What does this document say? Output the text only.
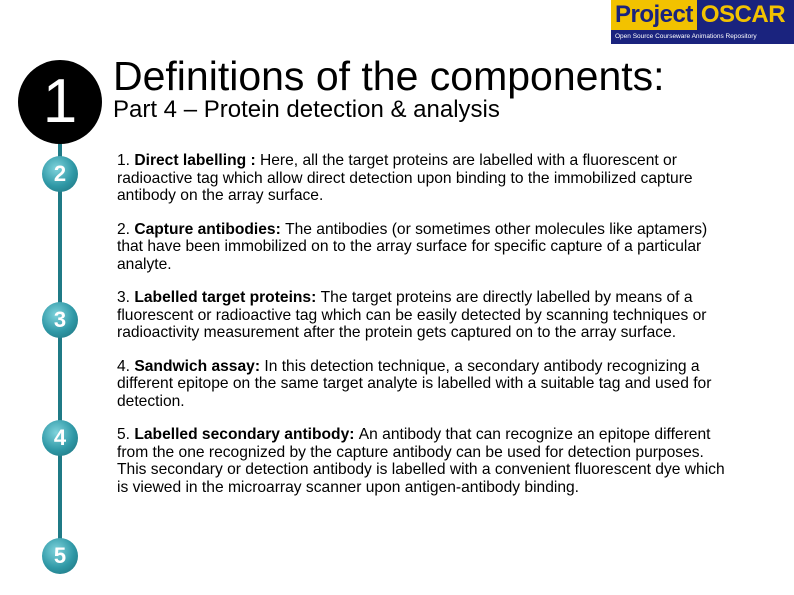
Project OSCAR
Open Source Courseware Animations Repository
1
2
3
4
5
Definitions of the components:
Part 4 – Protein detection & analysis
1. Direct labelling : Here, all the target proteins are labelled with a fluorescent or radioactive tag which allow direct detection upon binding to the immobilized capture antibody on the array surface.
2. Capture antibodies: The antibodies (or sometimes other molecules like aptamers) that have been immobilized on to the array surface for specific capture of a particular analyte.
3. Labelled target proteins: The target proteins are directly labelled by means of a fluorescent or radioactive tag which can be easily detected by scanning techniques or radioactivity measurement after the protein gets captured on to the array surface.
4. Sandwich assay: In this detection technique, a secondary antibody recognizing a different epitope on the same target analyte is labelled with a suitable tag and used for detection.
5. Labelled secondary antibody: An antibody that can recognize an epitope different from the one recognized by the capture antibody can be used for detection purposes. This secondary or detection antibody is labelled with a convenient fluorescent dye which is viewed in the microarray scanner upon antigen-antibody binding.
